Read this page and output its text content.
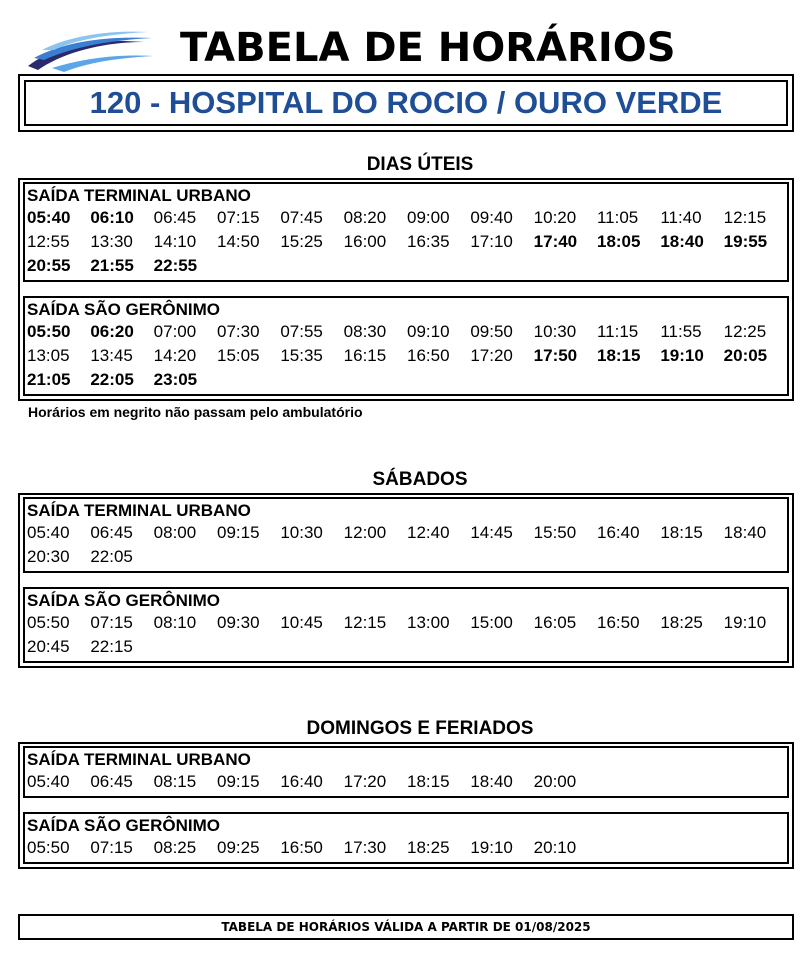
TABELA DE HORÁRIOS
120 - HOSPITAL DO ROCIO / OURO VERDE
DIAS ÚTEIS
SAÍDA TERMINAL URBANO
05:40	06:10	06:45	07:15	07:45	08:20	09:00	09:40	10:20	11:05	11:40	12:15
12:55	13:30	14:10	14:50	15:25	16:00	16:35	17:10	17:40	18:05	18:40	19:55
20:55	21:55	22:55
SAÍDA SÃO GERÔNIMO
05:50	06:20	07:00	07:30	07:55	08:30	09:10	09:50	10:30	11:15	11:55	12:25
13:05	13:45	14:20	15:05	15:35	16:15	16:50	17:20	17:50	18:15	19:10	20:05
21:05	22:05	23:05
Horários em negrito não passam pelo ambulatório
SÁBADOS
SAÍDA TERMINAL URBANO
05:40	06:45	08:00	09:15	10:30	12:00	12:40	14:45	15:50	16:40	18:15	18:40
20:30	22:05
SAÍDA SÃO GERÔNIMO
05:50	07:15	08:10	09:30	10:45	12:15	13:00	15:00	16:05	16:50	18:25	19:10
20:45	22:15
DOMINGOS E FERIADOS
SAÍDA TERMINAL URBANO
05:40	06:45	08:15	09:15	16:40	17:20	18:15	18:40	20:00
SAÍDA SÃO GERÔNIMO
05:50	07:15	08:25	09:25	16:50	17:30	18:25	19:10	20:10
TABELA DE HORÁRIOS VÁLIDA A PARTIR DE 01/08/2025
